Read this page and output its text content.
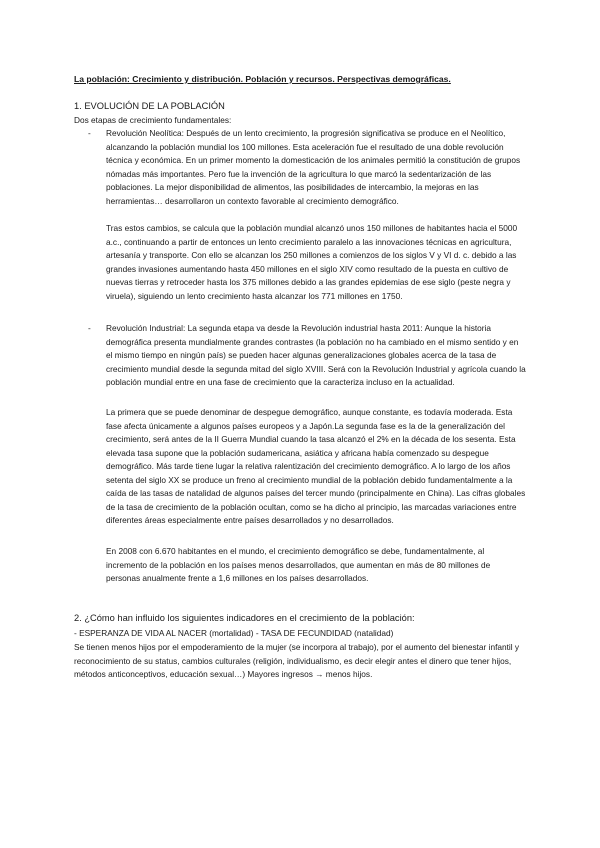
La población: Crecimiento y distribución. Población y recursos. Perspectivas demográficas.
1. EVOLUCIÓN DE LA POBLACIÓN

Dos etapas de crecimiento fundamentales:

- Revolución Neolítica: Después de un lento crecimiento, la progresión significativa se produce en el Neolítico, alcanzando la población mundial los 100 millones. Esta aceleración fue el resultado de una doble revolución técnica y económica. En un primer momento la domesticación de los animales permitió la constitución de grupos nómadas más importantes. Pero fue la invención de la agricultura lo que marcó la sedentarización de las poblaciones. La mejor disponibilidad de alimentos, las posibilidades de intercambio, la mejoras en las herramientas… desarrollaron un contexto favorable al crecimiento demográfico.

Tras estos cambios, se calcula que la población mundial alcanzó unos 150 millones de habitantes hacia el 5000 a.c., continuando a partir de entonces un lento crecimiento paralelo a las innovaciones técnicas en agricultura, artesanía y transporte. Con ello se alcanzan los 250 millones a comienzos de los siglos V y VI d. c. debido a las grandes invasiones aumentando hasta 450 millones en el siglo XIV como resultado de la puesta en cultivo de nuevas tierras y retroceder hasta los 375 millones debido a las grandes epidemias de ese siglo (peste negra y viruela), siguiendo un lento crecimiento hasta alcanzar los 771 millones en 1750.

- Revolución Industrial: La segunda etapa va desde la Revolución industrial hasta 2011: Aunque la historia demográfica presenta mundialmente grandes contrastes (la población no ha cambiado en el mismo sentido y en el mismo tiempo en ningún país) se pueden hacer algunas generalizaciones globales acerca de la tasa de crecimiento mundial desde la segunda mitad del siglo XVIII. Será con la Revolución Industrial y agrícola cuando la población mundial entre en una fase de crecimiento que la caracteriza incluso en la actualidad.

La primera que se puede denominar de despegue demográfico, aunque constante, es todavía moderada. Esta fase afecta únicamente a algunos países europeos y a Japón.La segunda fase es la de la generalización del crecimiento, será antes de la II Guerra Mundial cuando la tasa alcanzó el 2% en la década de los sesenta. Esta elevada tasa supone que la población sudamericana, asiática y africana había comenzado su despegue demográfico. Más tarde tiene lugar la relativa ralentización del crecimiento demográfico. A lo largo de los años setenta del siglo XX se produce un freno al crecimiento mundial de la población debido fundamentalmente a la caída de las tasas de natalidad de algunos países del tercer mundo (principalmente en China). Las cifras globales de la tasa de crecimiento de la población ocultan, como se ha dicho al principio, las marcadas variaciones entre diferentes áreas especialmente entre países desarrollados y no desarrollados.

En 2008 con 6.670 habitantes en el mundo, el crecimiento demográfico se debe, fundamentalmente, al incremento de la población en los países menos desarrollados, que aumentan en más de 80 millones de personas anualmente frente a 1,6 millones en los países desarrollados.

2. ¿Cómo han influido los siguientes indicadores en el crecimiento de la población:

- ESPERANZA DE VIDA AL NACER (mortalidad) - TASA DE FECUNDIDAD (natalidad)

Se tienen menos hijos por el empoderamiento de la mujer (se incorpora al trabajo), por el aumento del bienestar infantil y reconocimiento de su status, cambios culturales (religión, individualismo, es decir elegir antes el dinero que tener hijos, métodos anticonceptivos, educación sexual…) Mayores ingresos → menos hijos.
